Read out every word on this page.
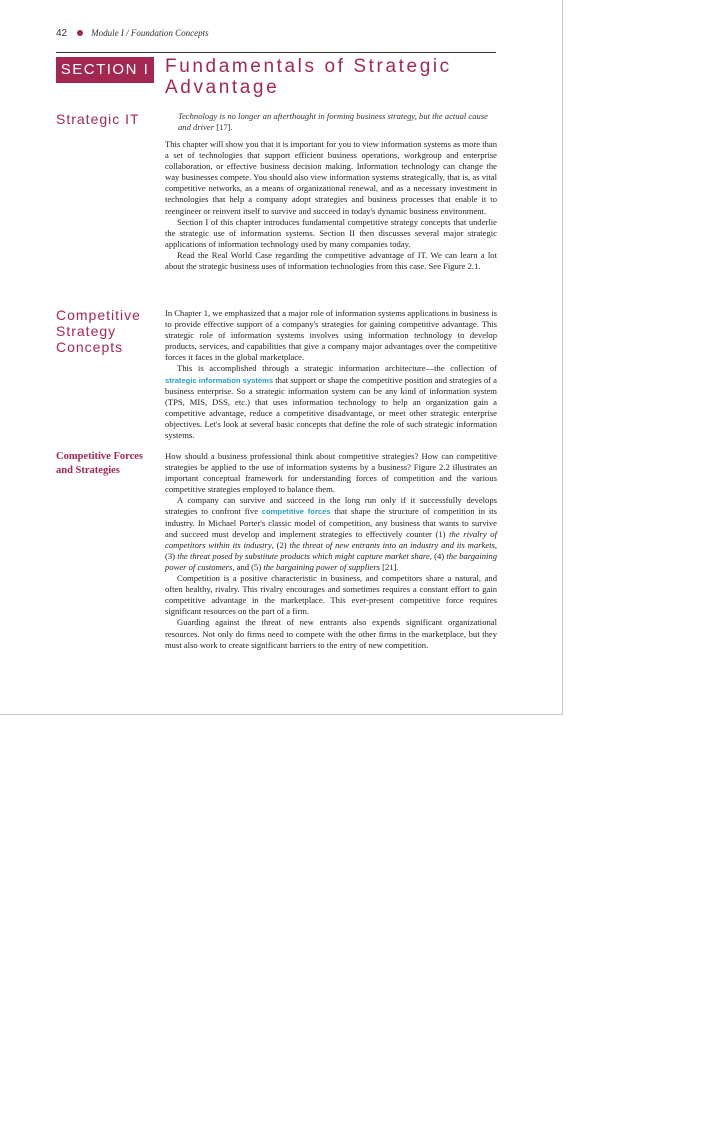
42	Module I / Foundation Concepts
SECTION I Fundamentals of Strategic
Advantage
Strategic IT	Technology is no longer an afterthought in forming business strategy, but the actual cause and driver [17].

This chapter will show you that it is important for you to view information systems as more than a set of technologies that support efficient business operations, workgroup and enterprise collaboration, or effective business decision making. Information technology can change the way businesses compete. You should also view information systems strategically, that is, as vital competitive networks, as a means of organizational renewal, and as a necessary investment in technologies that help a company adopt strategies and business processes that enable it to reengineer or reinvent itself to survive and succeed in today's dynamic business environment.

Section I of this chapter introduces fundamental competitive strategy concepts that underlie the strategic use of information systems. Section II then discusses several major strategic applications of information technology used by many companies today.

Read the Real World Case regarding the competitive advantage of IT. We can learn a lot about the strategic business uses of information technologies from this case. See Figure 2.1.

Competitive
Strategy
Concepts

In Chapter 1, we emphasized that a major role of information systems applications in business is to provide effective support of a company's strategies for gaining competitive advantage. This strategic role of information systems involves using information technology to develop products, services, and capabilities that give a company major advantages over the competitive forces it faces in the global marketplace.

This is accomplished through a strategic information architecture—the collection of strategic information systems that support or shape the competitive position and strategies of a business enterprise. So a strategic information system can be any kind of information system (TPS, MIS, DSS, etc.) that uses information technology to help an organization gain a competitive advantage, reduce a competitive disadvantage, or meet other strategic enterprise objectives. Let's look at several basic concepts that define the role of such strategic information systems.

Competitive Forces
and Strategies

How should a business professional think about competitive strategies? How can competitive strategies be applied to the use of information systems by a business? Figure 2.2 illustrates an important conceptual framework for understanding forces of competition and the various competitive strategies employed to balance them.

A company can survive and succeed in the long run only if it successfully develops strategies to confront five competitive forces that shape the structure of competition in its industry. In Michael Porter's classic model of competition, any business that wants to survive and succeed must develop and implement strategies to effectively counter (1) the rivalry of competitors within its industry, (2) the threat of new entrants into an industry and its markets, (3) the threat posed by substitute products which might capture market share, (4) the bargaining power of customers, and (5) the bargaining power of suppliers [21].

Competition is a positive characteristic in business, and competitors share a natural, and often healthy, rivalry. This rivalry encourages and sometimes requires a constant effort to gain competitive advantage in the marketplace. This ever-present competitive force requires significant resources on the part of a firm.

Guarding against the threat of new entrants also expends significant organizational resources. Not only do firms need to compete with the other firms in the marketplace, but they must also work to create significant barriers to the entry of new competition.
